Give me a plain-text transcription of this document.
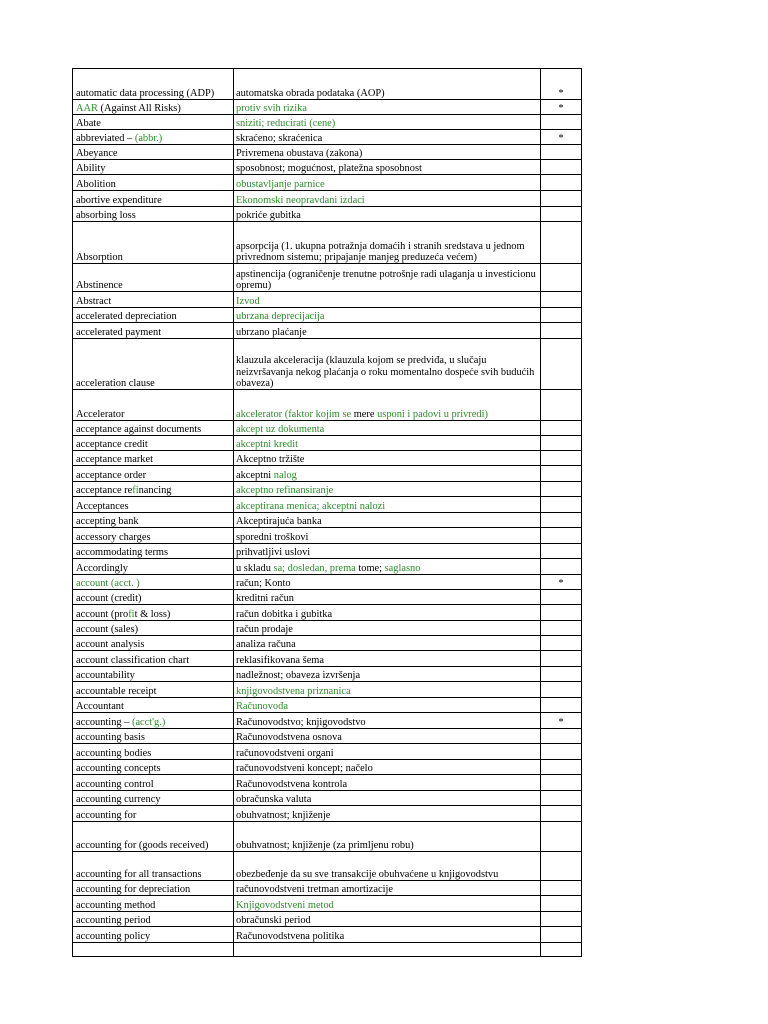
automatic data processing (ADP)	automatska obrada podataka (AOP)	*
AAR (Against All Risks)	protiv svih rizika	*
Abate	sniziti; reducirati (cene)	
abbreviated – (abbr.)	skraćeno; skraćenica	*
Abeyance	Privremena obustava (zakona)	
Ability	sposobnost; mogućnost, platežna sposobnost	
Abolition	obustavljanje parnice	
abortive expenditure	Ekonomski neopravdani izdaci	
absorbing loss	pokriće gubitka	
Absorption	apsorpcija (1. ukupna potražnja domaćih i stranih sredstava u jednom privrednom sistemu; pripajanje manjeg preduzeća većem)	
Abstinence	apstinencija (ograničenje trenutne potrošnje radi ulaganja u investicionu opremu)	
Abstract	Izvod	
accelerated depreciation	ubrzana deprecijacija	
accelerated payment	ubrzano plaćanje	
acceleration clause	klauzula akceleracija (klauzula kojom se predviđa, u slučaju neizvršavanja nekog plaćanja o roku momentalno dospeće svih budućih obaveza)	
Accelerator	akcelerator (faktor kojim se mere usponi i padovi u privredi)	
acceptance against documents	akcept uz dokumenta	
acceptance credit	akceptni kredit	
acceptance market	Akceptno tržište	
acceptance order	akceptni nalog	
acceptance refinancing	akceptno refinansiranje	
Acceptances	akceptirana menica; akceptni nalozi	
accepting bank	Akceptirajuća banka	
accessory charges	sporedni troškovi	
accommodating terms	prihvatljivi uslovi	
Accordingly	u skladu sa; dosledan, prema tome; saglasno	
account (acct. )	račun; Konto	*
account (credit)	kreditni račun	
account (profit & loss)	račun dobitka i gubitka	
account (sales)	račun prodaje	
account analysis	analiza računa	
account classification chart	reklasifikovana šema	
accountability	nadležnost; obaveza izvršenja	
accountable receipt	knjigovodstvena priznanica	
Accountant	Računovođa	
accounting – (acct'g.)	Računovodstvo; knjigovodstvo	*
accounting basis	Računovodstvena osnova	
accounting bodies	računovodstveni organi	
accounting concepts	računovodstveni koncept; načelo	
accounting control	Računovodstvena kontrola	
accounting currency	obračunska valuta	
accounting for	obuhvatnost; knjiženje	
accounting for (goods received)	obuhvatnost; knjiženje (za primljenu robu)	
accounting for all transactions	obezbeđenje da su sve transakcije obuhvaćene u knjigovodstvu	
accounting for depreciation	računovodstveni tretman amortizacije	
accounting method	Knjigovodstveni metod	
accounting period	obračunski period	
accounting policy	Računovodstvena politika	
